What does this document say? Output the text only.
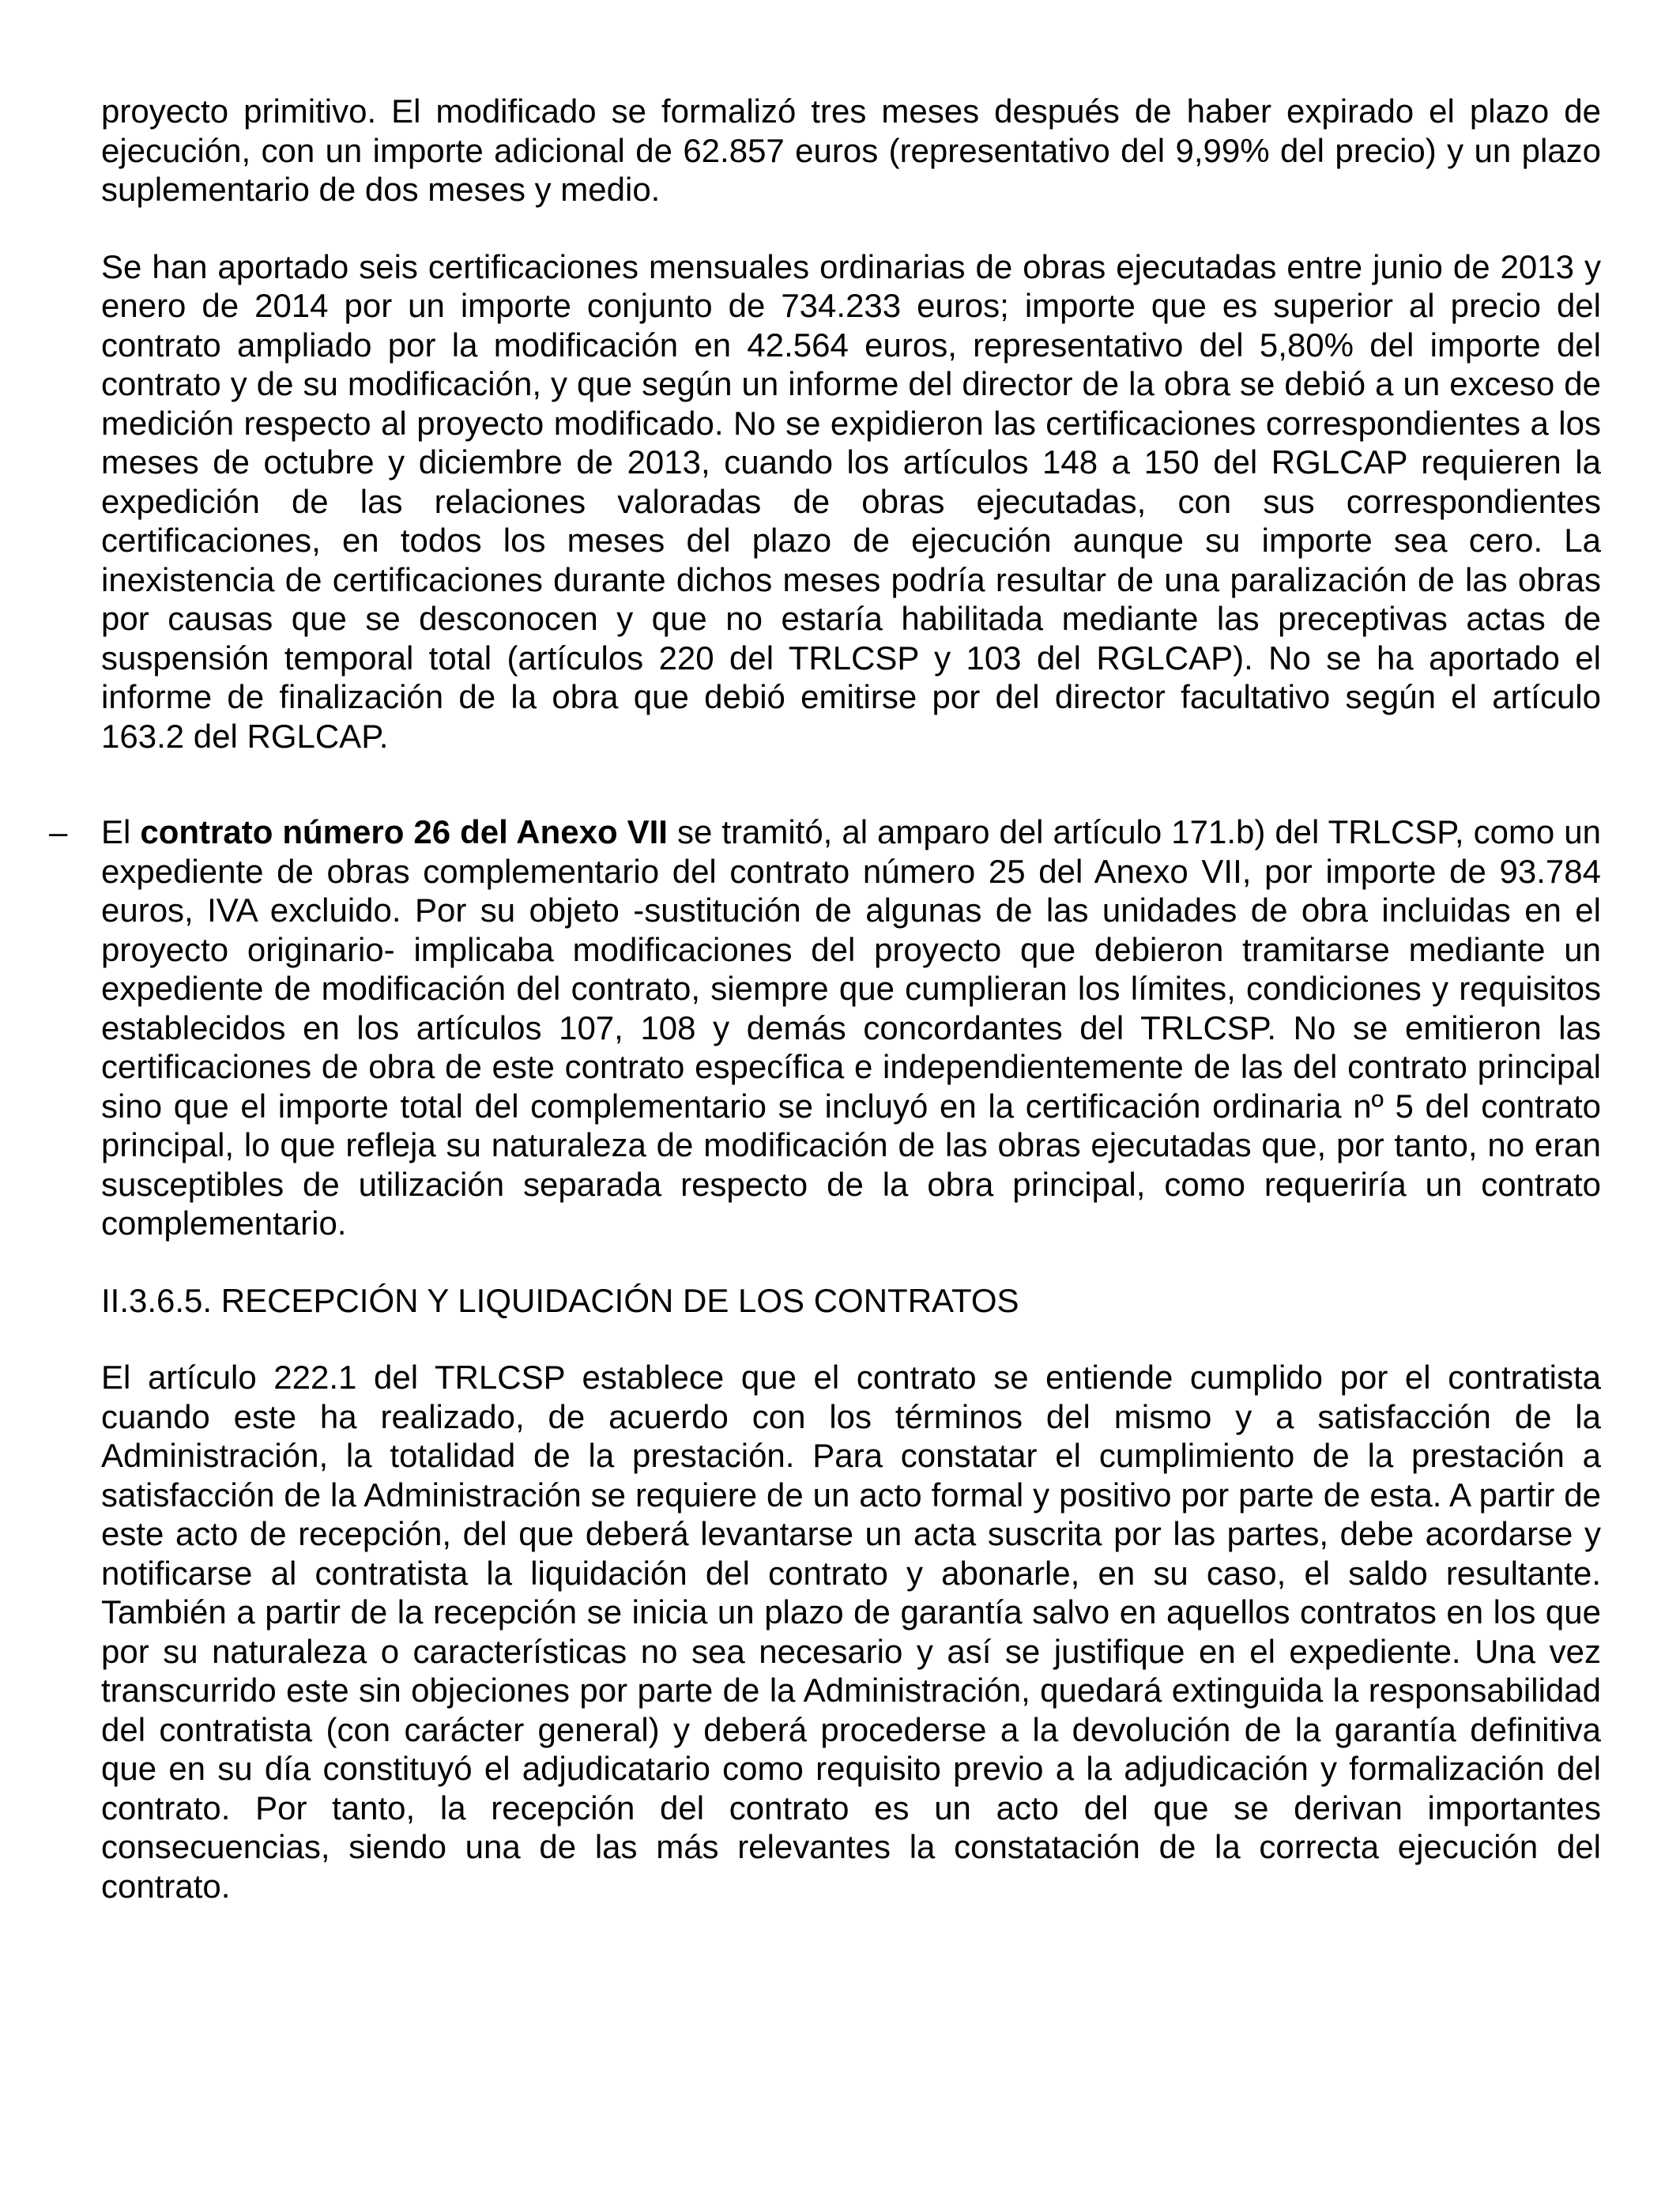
proyecto primitivo. El modificado se formalizó tres meses después de haber expirado el plazo de ejecución, con un importe adicional de 62.857 euros (representativo del 9,99% del precio) y un plazo suplementario de dos meses y medio.

Se han aportado seis certificaciones mensuales ordinarias de obras ejecutadas entre junio de 2013 y enero de 2014 por un importe conjunto de 734.233 euros; importe que es superior al precio del contrato ampliado por la modificación en 42.564 euros, representativo del 5,80% del importe del contrato y de su modificación, y que según un informe del director de la obra se debió a un exceso de medición respecto al proyecto modificado. No se expidieron las certificaciones correspondientes a los meses de octubre y diciembre de 2013, cuando los artículos 148 a 150 del RGLCAP requieren la expedición de las relaciones valoradas de obras ejecutadas, con sus correspondientes certificaciones, en todos los meses del plazo de ejecución aunque su importe sea cero. La inexistencia de certificaciones durante dichos meses podría resultar de una paralización de las obras por causas que se desconocen y que no estaría habilitada mediante las preceptivas actas de suspensión temporal total (artículos 220 del TRLCSP y 103 del RGLCAP). No se ha aportado el informe de finalización de la obra que debió emitirse por del director facultativo según el artículo 163.2 del RGLCAP.

– El contrato número 26 del Anexo VII se tramitó, al amparo del artículo 171.b) del TRLCSP, como un expediente de obras complementario del contrato número 25 del Anexo VII, por importe de 93.784 euros, IVA excluido. Por su objeto -sustitución de algunas de las unidades de obra incluidas en el proyecto originario- implicaba modificaciones del proyecto que debieron tramitarse mediante un expediente de modificación del contrato, siempre que cumplieran los límites, condiciones y requisitos establecidos en los artículos 107, 108 y demás concordantes del TRLCSP. No se emitieron las certificaciones de obra de este contrato específica e independientemente de las del contrato principal sino que el importe total del complementario se incluyó en la certificación ordinaria nº 5 del contrato principal, lo que refleja su naturaleza de modificación de las obras ejecutadas que, por tanto, no eran susceptibles de utilización separada respecto de la obra principal, como requeriría un contrato complementario.

II.3.6.5. RECEPCIÓN Y LIQUIDACIÓN DE LOS CONTRATOS

El artículo 222.1 del TRLCSP establece que el contrato se entiende cumplido por el contratista cuando este ha realizado, de acuerdo con los términos del mismo y a satisfacción de la Administración, la totalidad de la prestación. Para constatar el cumplimiento de la prestación a satisfacción de la Administración se requiere de un acto formal y positivo por parte de esta. A partir de este acto de recepción, del que deberá levantarse un acta suscrita por las partes, debe acordarse y notificarse al contratista la liquidación del contrato y abonarle, en su caso, el saldo resultante. También a partir de la recepción se inicia un plazo de garantía salvo en aquellos contratos en los que por su naturaleza o características no sea necesario y así se justifique en el expediente. Una vez transcurrido este sin objeciones por parte de la Administración, quedará extinguida la responsabilidad del contratista (con carácter general) y deberá procederse a la devolución de la garantía definitiva que en su día constituyó el adjudicatario como requisito previo a la adjudicación y formalización del contrato. Por tanto, la recepción del contrato es un acto del que se derivan importantes consecuencias, siendo una de las más relevantes la constatación de la correcta ejecución del contrato.
